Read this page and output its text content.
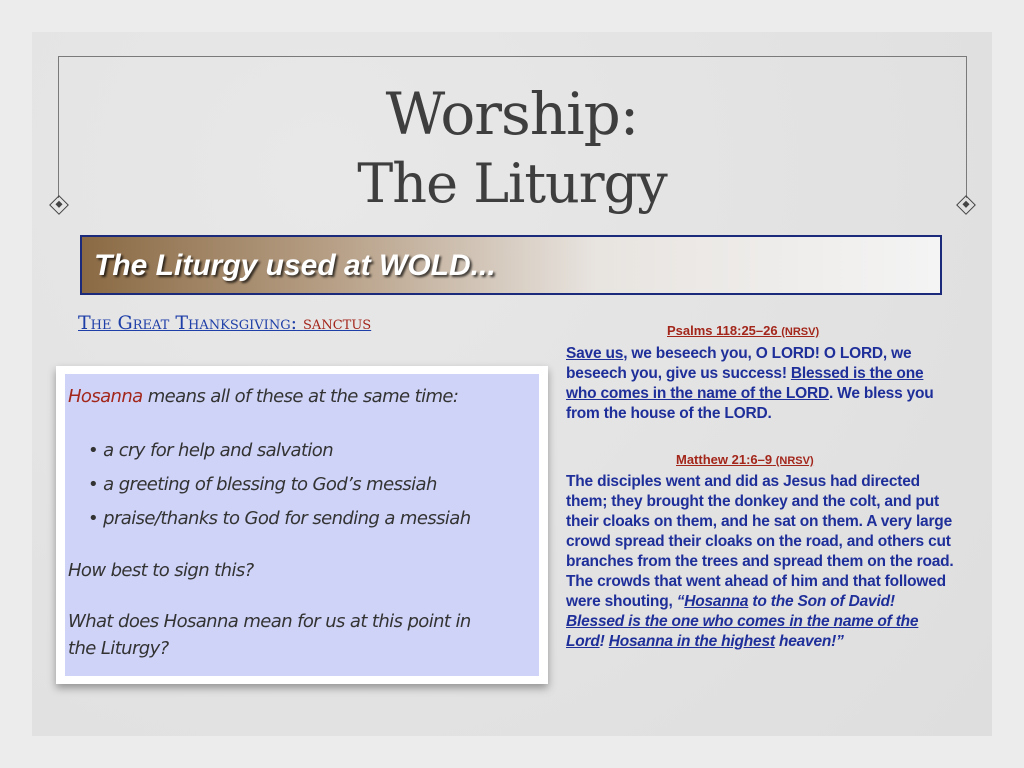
Worship:
The Liturgy
The Liturgy used at WOLD...
The Great Thanksgiving: sanctus
Hosanna means all of these at the same time:
• a cry for help and salvation
• a greeting of blessing to God’s messiah
• praise/thanks to God for sending a messiah
How best to sign this?
What does Hosanna mean for us at this point in
the Liturgy?
Psalms 118:25–26 (NRSV)
Save us, we beseech you, O LORD! O LORD, we beseech you, give us success! Blessed is the one who comes in the name of the LORD. We bless you from the house of the LORD.
Matthew 21:6–9 (NRSV)
The disciples went and did as Jesus had directed them; they brought the donkey and the colt, and put their cloaks on them, and he sat on them. A very large crowd spread their cloaks on the road, and others cut branches from the trees and spread them on the road. The crowds that went ahead of him and that followed were shouting, “Hosanna to the Son of David! Blessed is the one who comes in the name of the Lord! Hosanna in the highest heaven!”
